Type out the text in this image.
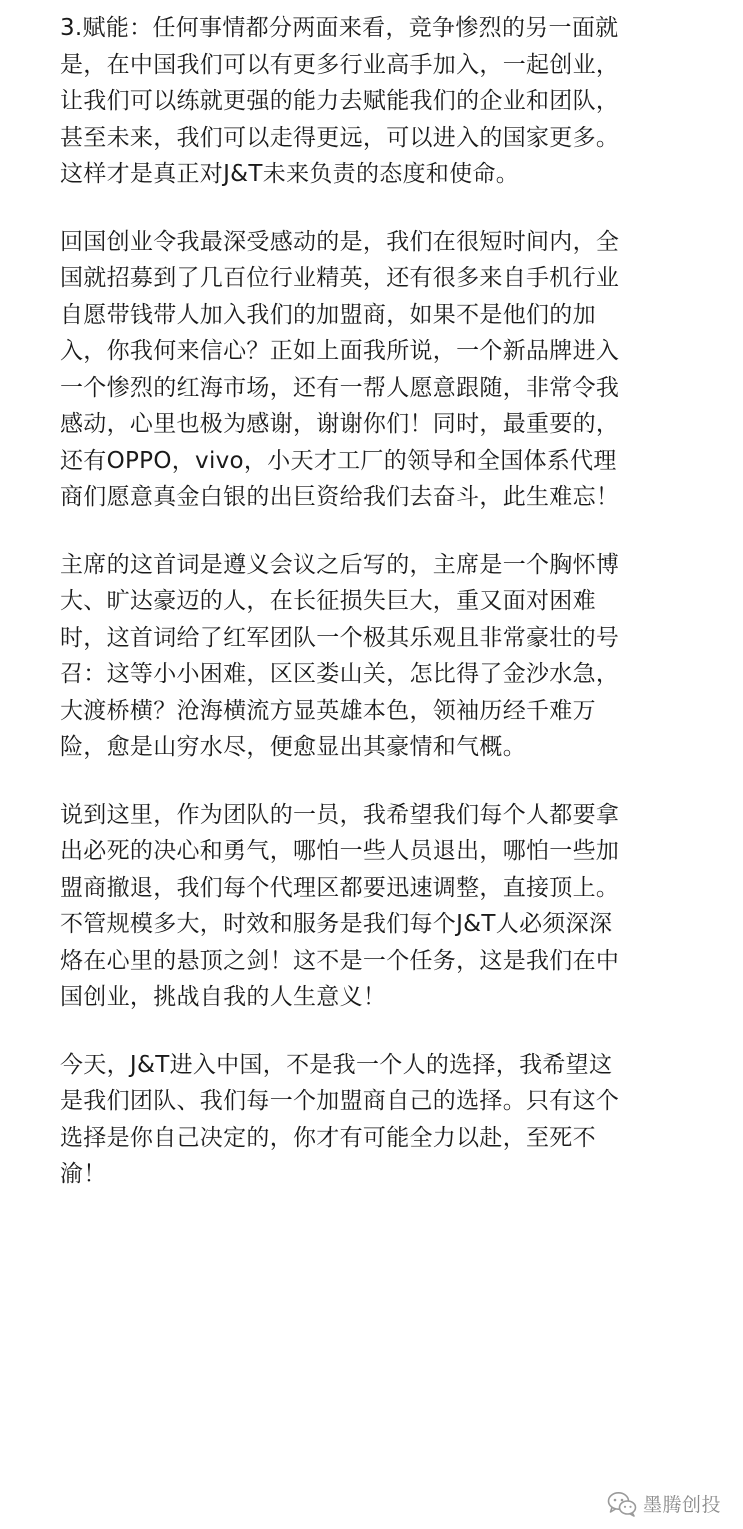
3.赋能：任何事情都分两面来看，竞争惨烈的另一面就
是，在中国我们可以有更多行业高手加入，一起创业，
让我们可以练就更强的能力去赋能我们的企业和团队，
甚至未来，我们可以走得更远，可以进入的国家更多。
这样才是真正对J&T未来负责的态度和使命。
回国创业令我最深受感动的是，我们在很短时间内，全
国就招募到了几百位行业精英，还有很多来自手机行业
自愿带钱带人加入我们的加盟商，如果不是他们的加
入，你我何来信心？正如上面我所说，一个新品牌进入
一个惨烈的红海市场，还有一帮人愿意跟随，非常令我
感动，心里也极为感谢，谢谢你们！同时，最重要的，
还有OPPO，vivo，小天才工厂的领导和全国体系代理
商们愿意真金白银的出巨资给我们去奋斗，此生难忘！
主席的这首词是遵义会议之后写的，主席是一个胸怀博
大、旷达豪迈的人，在长征损失巨大，重又面对困难
时，这首词给了红军团队一个极其乐观且非常豪壮的号
召：这等小小困难，区区娄山关，怎比得了金沙水急，
大渡桥横？沧海横流方显英雄本色，领袖历经千难万
险，愈是山穷水尽，便愈显出其豪情和气概。
说到这里，作为团队的一员，我希望我们每个人都要拿
出必死的决心和勇气，哪怕一些人员退出，哪怕一些加
盟商撤退，我们每个代理区都要迅速调整，直接顶上。
不管规模多大，时效和服务是我们每个J&T人必须深深
烙在心里的悬顶之剑！这不是一个任务，这是我们在中
国创业，挑战自我的人生意义！
今天，J&T进入中国，不是我一个人的选择，我希望这
是我们团队、我们每一个加盟商自己的选择。只有这个
选择是你自己决定的，你才有可能全力以赴，至死不
渝！
墨腾创投
